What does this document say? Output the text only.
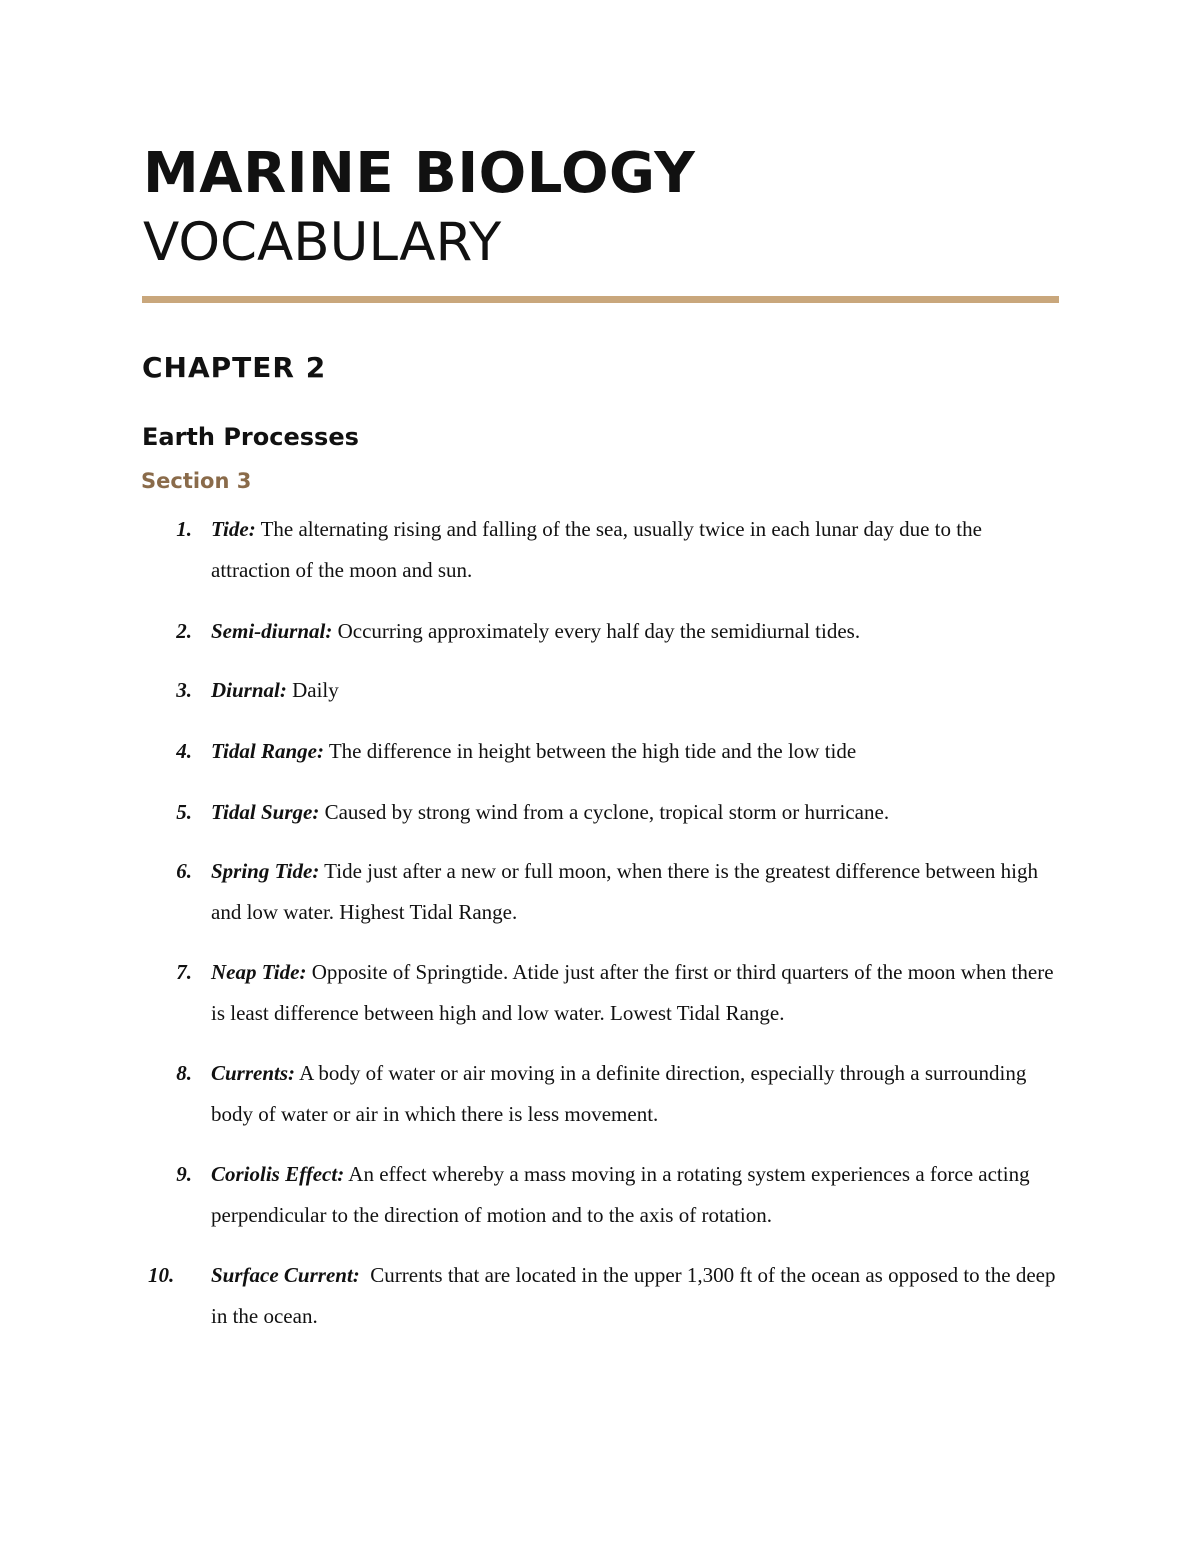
MARINE BIOLOGY
VOCABULARY
CHAPTER 2
Earth Processes
Section 3
1. Tide: The alternating rising and falling of the sea, usually twice in each lunar day due to the attraction of the moon and sun.
2. Semi-diurnal: Occurring approximately every half day the semidiurnal tides.
3. Diurnal: Daily
4. Tidal Range: The difference in height between the high tide and the low tide
5. Tidal Surge: Caused by strong wind from a cyclone, tropical storm or hurricane.
6. Spring Tide: Tide just after a new or full moon, when there is the greatest difference between high and low water. Highest Tidal Range.
7. Neap Tide: Opposite of Springtide. Atide just after the first or third quarters of the moon when there is least difference between high and low water. Lowest Tidal Range.
8. Currents: A body of water or air moving in a definite direction, especially through a surrounding body of water or air in which there is less movement.
9. Coriolis Effect: An effect whereby a mass moving in a rotating system experiences a force acting perpendicular to the direction of motion and to the axis of rotation.
10.	Surface Current:  Currents that are located in the upper 1,300 ft of the ocean as opposed to the deep in the ocean.
